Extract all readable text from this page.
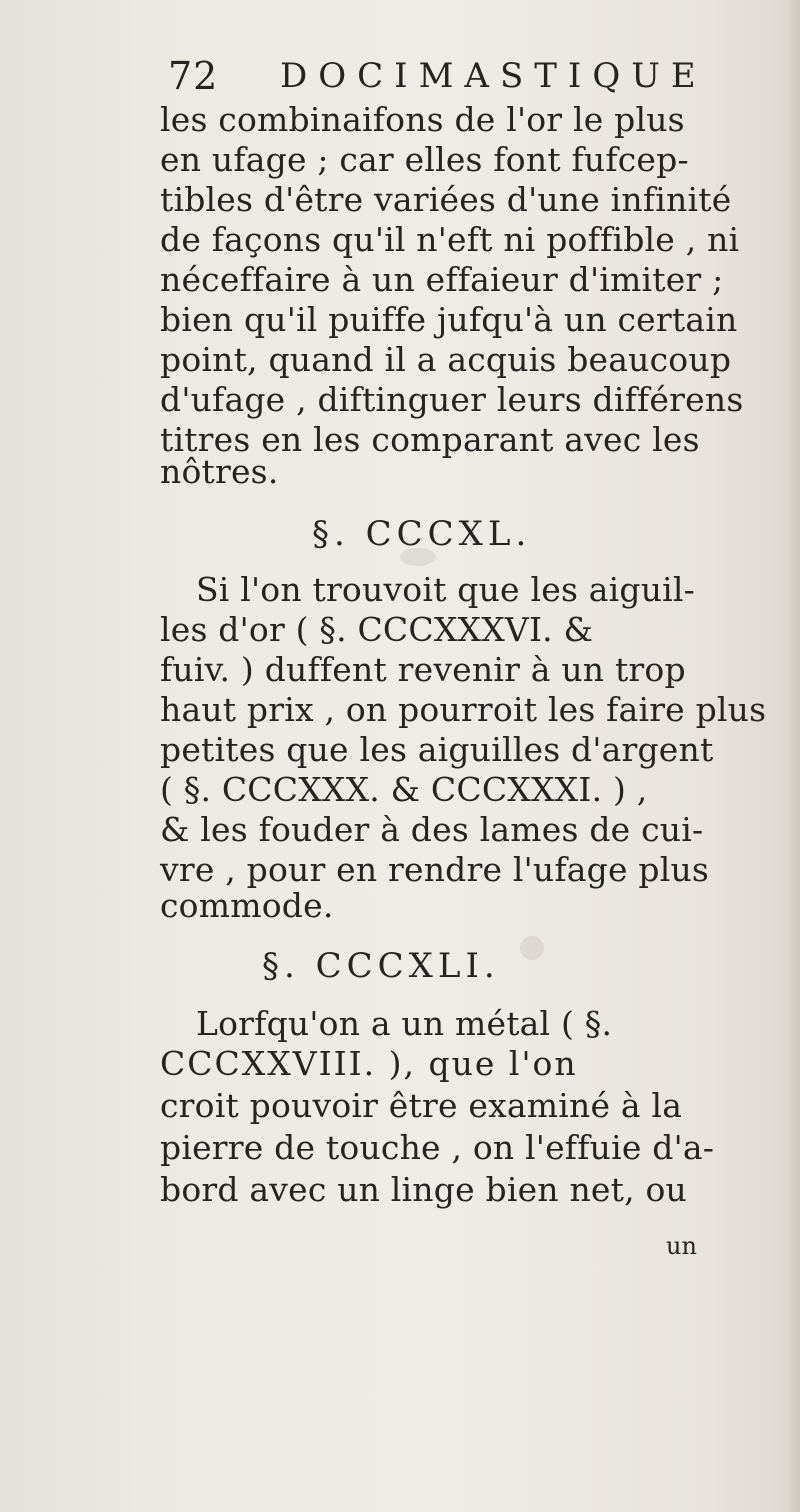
72 DOCIMASTIQUE
les combinaifons de l'or le plus
en ufage ; car elles font fufcep-
tibles d'être variées d'une infinité
de façons qu'il n'eft ni poffible , ni
néceffaire à un effaieur d'imiter ;
bien qu'il puiffe jufqu'à un certain
point, quand il a acquis beaucoup
d'ufage , diftinguer leurs différens
titres en les comparant avec les
nôtres.
§. CCCXL.
Si l'on trouvoit que les aiguil-
les d'or ( §. CCCXXXVI. &
fuiv. ) duffent revenir à un trop
haut prix , on pourroit les faire plus
petites que les aiguilles d'argent
( §. CCCXXX. & CCCXXXI. ) ,
& les fouder à des lames de cui-
vre , pour en rendre l'ufage plus
commode.
§. CCCXLI.
Lorfqu'on a un métal ( §.
CCCXXVIII. ), que l'on
croit pouvoir être examiné à la
pierre de touche , on l'effuie d'a-
bord avec un linge bien net, ou
un
